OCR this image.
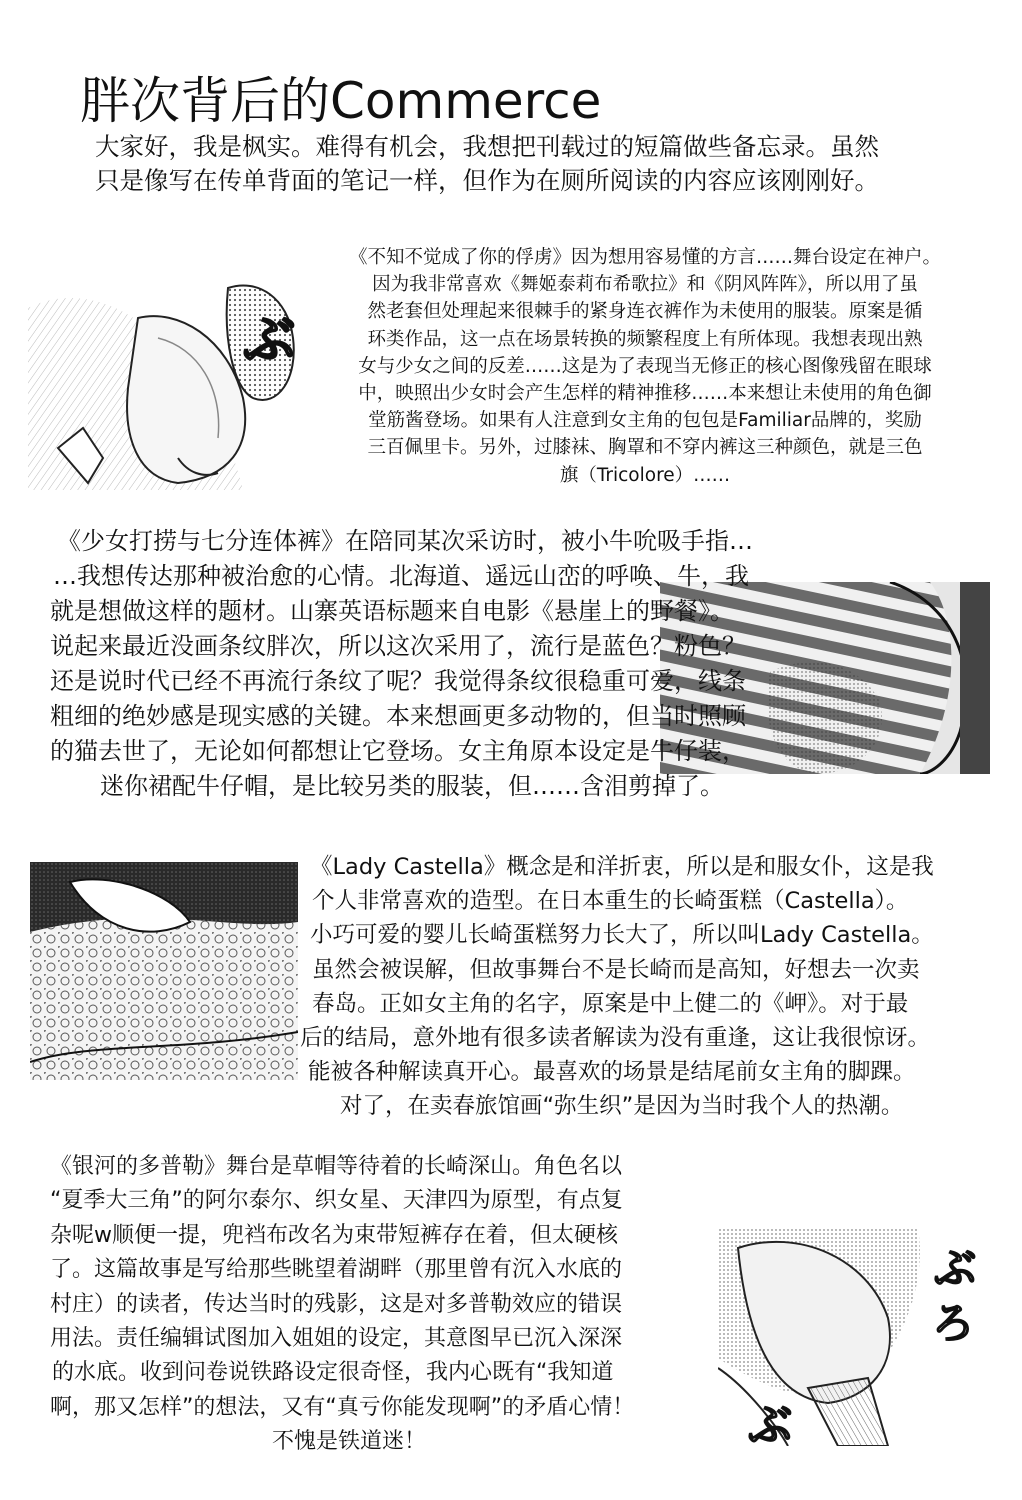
胖次背后的Commerce

大家好，我是枫实。难得有机会，我想把刊载过的短篇做些备忘录。虽然

只是像写在传单背面的笔记一样，但作为在厕所阅读的内容应该刚刚好。

ぶ

《不知不觉成了你的俘虏》因为想用容易懂的方言……舞台设定在神户。

因为我非常喜欢《舞姬泰莉布希歌拉》和《阴风阵阵》，所以用了虽

然老套但处理起来很棘手的紧身连衣裤作为未使用的服装。原案是循

环类作品，这一点在场景转换的频繁程度上有所体现。我想表现出熟

女与少女之间的反差……这是为了表现当无修正的核心图像残留在眼球

中，映照出少女时会产生怎样的精神推移……本来想让未使用的角色御

堂筋酱登场。如果有人注意到女主角的包包是Familiar品牌的，奖励

三百佩里卡。另外，过膝袜、胸罩和不穿内裤这三种颜色，就是三色

旗（Tricolore）……

《少女打捞与七分连体裤》在陪同某次采访时，被小牛吮吸手指…

…我想传达那种被治愈的心情。北海道、遥远山峦的呼唤、牛，我

就是想做这样的题材。山寨英语标题来自电影《悬崖上的野餐》。

说起来最近没画条纹胖次，所以这次采用了，流行是蓝色？粉色？

还是说时代已经不再流行条纹了呢？我觉得条纹很稳重可爱，线条

粗细的绝妙感是现实感的关键。本来想画更多动物的，但当时照顾

的猫去世了，无论如何都想让它登场。女主角原本设定是牛仔装，

迷你裙配牛仔帽，是比较另类的服装，但……含泪剪掉了。

《Lady Castella》概念是和洋折衷，所以是和服女仆，这是我

个人非常喜欢的造型。在日本重生的长崎蛋糕（Castella）。

小巧可爱的婴儿长崎蛋糕努力长大了，所以叫Lady Castella。

虽然会被误解，但故事舞台不是长崎而是高知，好想去一次卖

春岛。正如女主角的名字，原案是中上健二的《岬》。对于最

后的结局，意外地有很多读者解读为没有重逢，这让我很惊讶。

能被各种解读真开心。最喜欢的场景是结尾前女主角的脚踝。

对了，在卖春旅馆画“弥生织”是因为当时我个人的热潮。

ぶ
ろ
ぶ

《银河的多普勒》舞台是草帽等待着的长崎深山。角色名以

“夏季大三角”的阿尔泰尔、织女星、天津四为原型，有点复

杂呢w顺便一提，兜裆布改名为束带短裤存在着，但太硬核

了。这篇故事是写给那些眺望着湖畔（那里曾有沉入水底的

村庄）的读者，传达当时的残影，这是对多普勒效应的错误

用法。责任编辑试图加入姐姐的设定，其意图早已沉入深深

的水底。收到问卷说铁路设定很奇怪，我内心既有“我知道

啊，那又怎样”的想法，又有“真亏你能发现啊”的矛盾心情！

不愧是铁道迷！
